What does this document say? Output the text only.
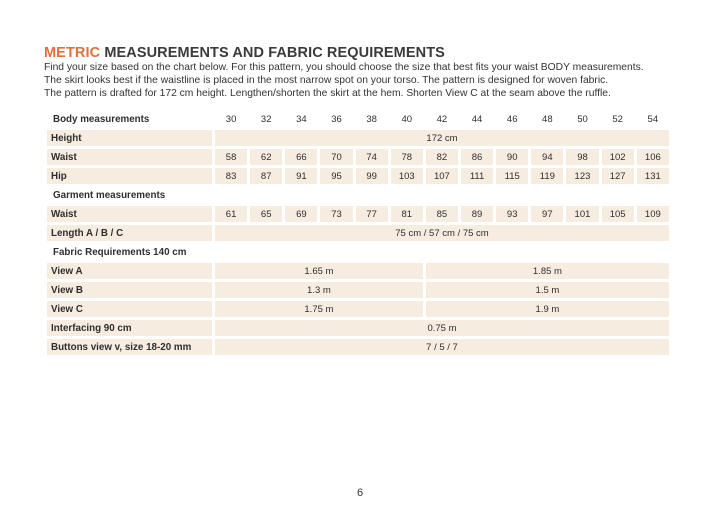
METRIC MEASUREMENTS AND FABRIC REQUIREMENTS

Find your size based on the chart below. For this pattern, you should choose the size that best fits your waist BODY measurements.

The skirt looks best if the waistline is placed in the most narrow spot on your torso. The pattern is designed for woven fabric.

The pattern is drafted for 172 cm height. Lengthen/shorten the skirt at the hem. Shorten View C at the seam above the ruffle.

Body measurements	30	32	34	36	38	40	42	44	46	48	50	52	54
Height	172 cm												
Waist	58	62	66	70	74	78	82	86	90	94	98	102	106
Hip	83	87	91	95	99	103	107	111	115	119	123	127	131
Garment measurements													
Waist	61	65	69	73	77	81	85	89	93	97	101	105	109
Length A / B / C	75 cm / 57 cm / 75 cm												
Fabric Requirements 140 cm													
View A	1.65 m						1.85 m						
View B	1.3 m						1.5 m						
View C	1.75 m						1.9 m						
Interfacing 90 cm	0.75 m												
Buttons view v, size 18-20 mm	7 / 5 / 7												
6
